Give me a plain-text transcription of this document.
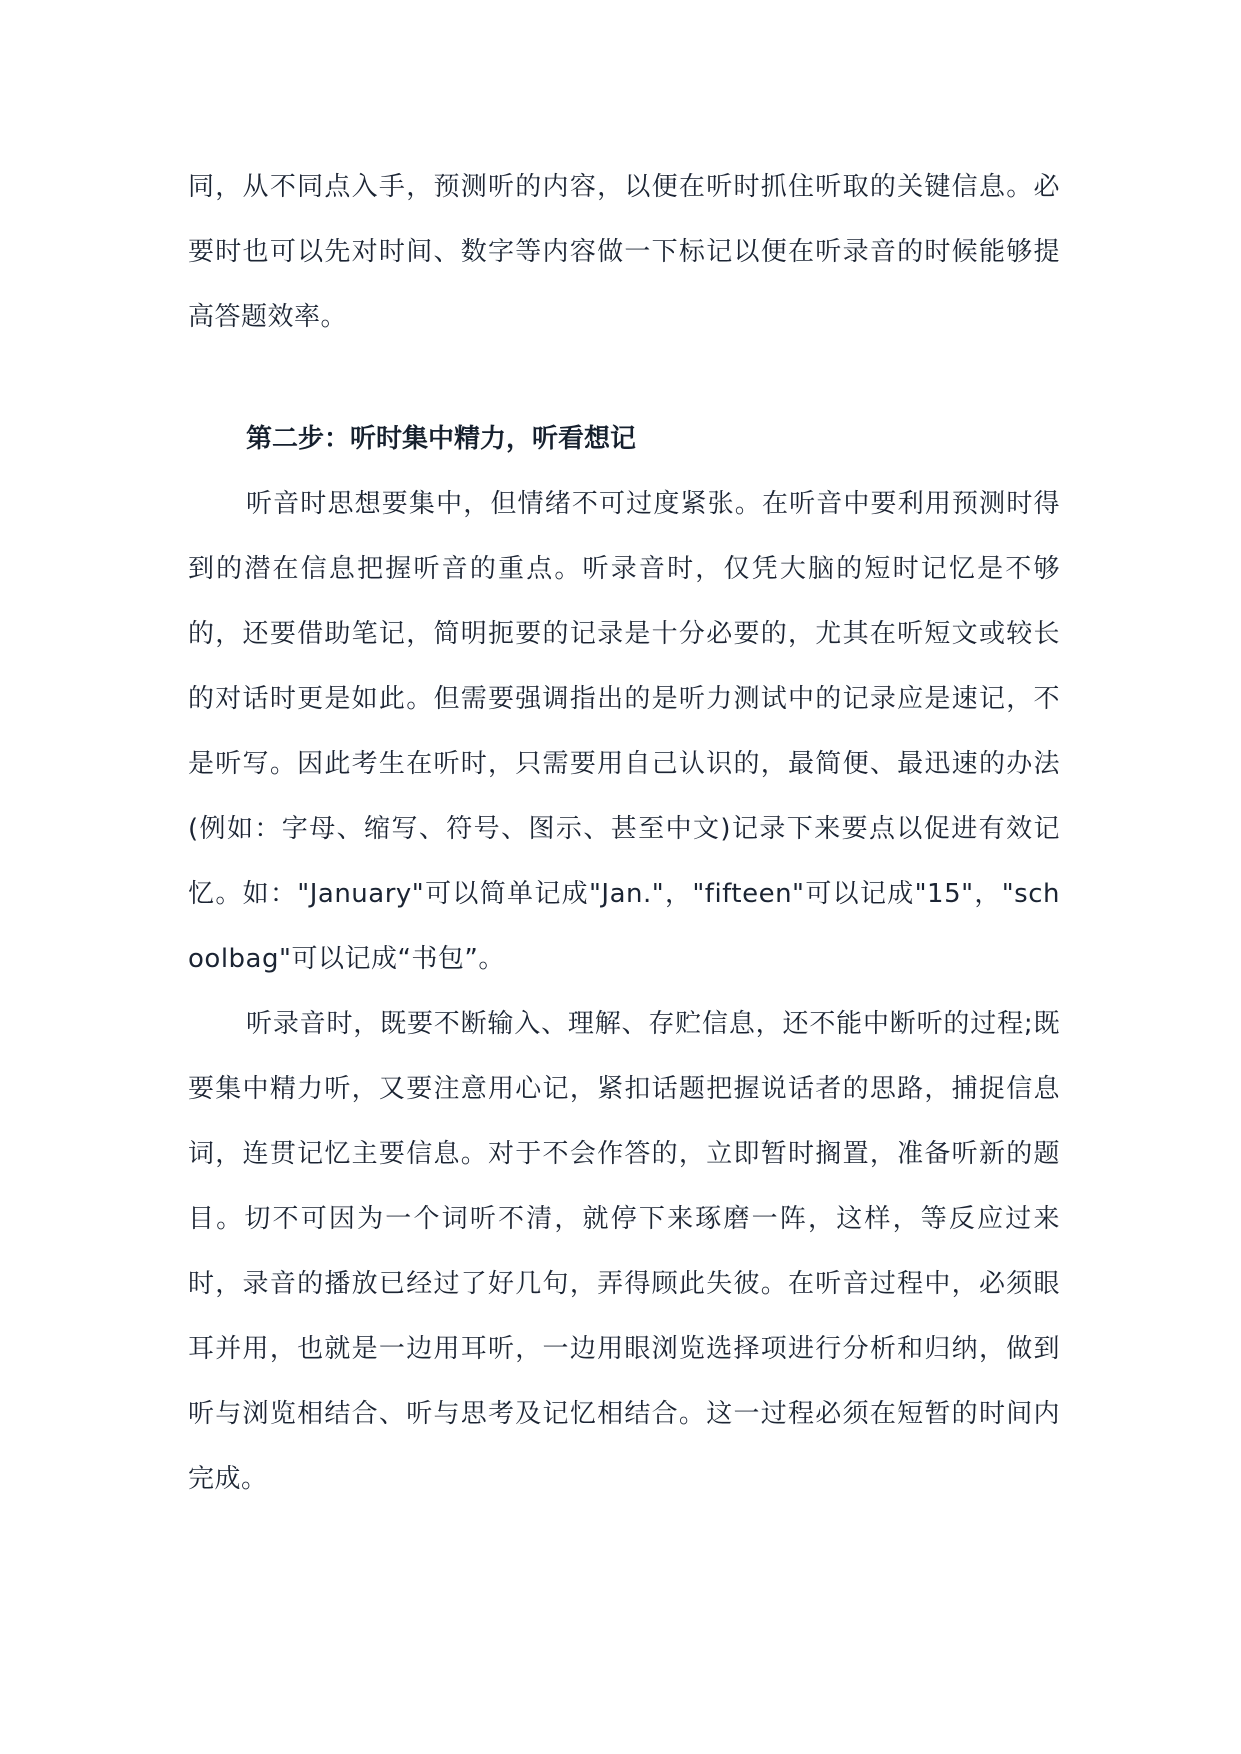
同，从不同点入手，预测听的内容，以便在听时抓住听取的关键信息。必要时也可以先对时间、数字等内容做一下标记以便在听录音的时候能够提高答题效率。

第二步：听时集中精力，听看想记

听音时思想要集中，但情绪不可过度紧张。在听音中要利用预测时得到的潜在信息把握听音的重点。听录音时，仅凭大脑的短时记忆是不够的，还要借助笔记，简明扼要的记录是十分必要的，尤其在听短文或较长的对话时更是如此。但需要强调指出的是听力测试中的记录应是速记，不是听写。因此考生在听时，只需要用自己认识的，最简便、最迅速的办法(例如：字母、缩写、符号、图示、甚至中文)记录下来要点以促进有效记忆。如："January"可以简单记成"Jan."，"fifteen"可以记成"15"，"schoolbag"可以记成“书包”。

听录音时，既要不断输入、理解、存贮信息，还不能中断听的过程;既要集中精力听，又要注意用心记，紧扣话题把握说话者的思路，捕捉信息词，连贯记忆主要信息。对于不会作答的，立即暂时搁置，准备听新的题目。切不可因为一个词听不清，就停下来琢磨一阵，这样，等反应过来时，录音的播放已经过了好几句，弄得顾此失彼。在听音过程中，必须眼耳并用，也就是一边用耳听，一边用眼浏览选择项进行分析和归纳，做到听与浏览相结合、听与思考及记忆相结合。这一过程必须在短暂的时间内完成。
